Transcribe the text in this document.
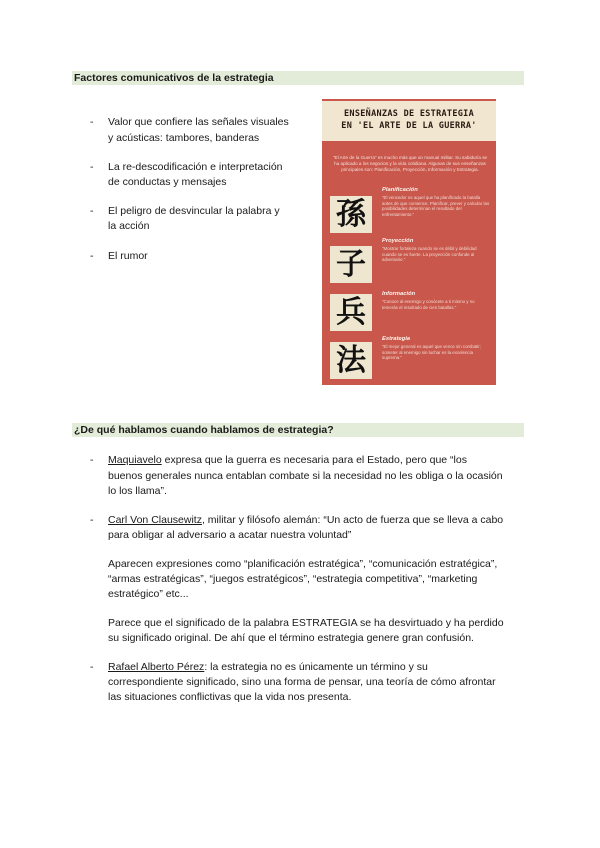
Factores comunicativos de la estrategia
- Valor que confiere las señales visuales
y acústicas: tambores, banderas
- La re-descodificación e interpretación
de conductas y mensajes
- El peligro de desvincular la palabra y
la acción
- El rumor
ENSEÑANZAS DE ESTRATEGIA
EN 'EL ARTE DE LA GUERRA'
"El Arte de la Guerra" es mucho más que un manual militar. Su sabiduría se ha aplicado a los negocios y la vida cotidiana. Algunas de sus enseñanzas principales son: Planificación, Proyección, Información y Estrategia.
孫
子
兵
法
Planificación
"El vencedor es aquel que ha planificado la batalla antes de que comience. Planificar, prever y calcular las posibilidades determinan el resultado del enfrentamiento."
Proyección
"Mostrar fortaleza cuando se es débil y debilidad cuando se es fuerte. La proyección confunde al adversario."
Información
"Conoce al enemigo y conócete a ti mismo y no temerás el resultado de cien batallas."
Estrategia
"El mejor general es aquel que vence sin combatir; someter al enemigo sin luchar es la excelencia suprema."
¿De qué hablamos cuando hablamos de estrategia?
- Maquiavelo expresa que la guerra es necesaria para el Estado, pero que “los
buenos generales nunca entablan combate si la necesidad no les obliga o la ocasión
lo los llama”.
- Carl Von Clausewitz, militar y filósofo alemán: “Un acto de fuerza que se lleva a cabo
para obligar al adversario a acatar nuestra voluntad”
Aparecen expresiones como “planificación estratégica”, “comunicación estratégica”,
“armas estratégicas”, “juegos estratégicos”, “estrategia competitiva”, “marketing
estratégico” etc...
Parece que el significado de la palabra ESTRATEGIA se ha desvirtuado y ha perdido
su significado original. De ahí que el término estrategia genere gran confusión.
- Rafael Alberto Pérez: la estrategia no es únicamente un término y su
correspondiente significado, sino una forma de pensar, una teoría de cómo afrontar
las situaciones conflictivas que la vida nos presenta.
